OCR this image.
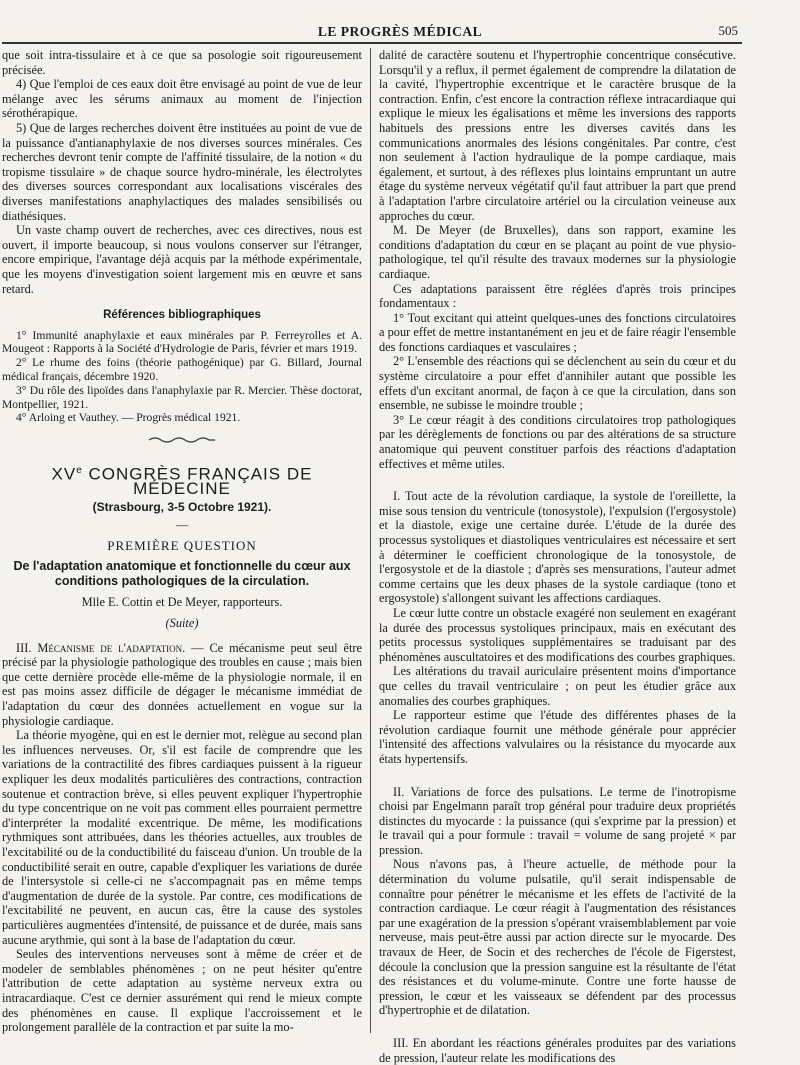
LE PROGRÈS MÉDICAL	505

que soit intra-tissulaire et à ce que sa posologie soit rigoureusement précisée.

4) Que l'emploi de ces eaux doit être envisagé au point de vue de leur mélange avec les sérums animaux au moment de l'injection sérothérapique.

5) Que de larges recherches doivent être instituées au point de vue de la puissance d'antianaphylaxie de nos diverses sources minérales. Ces recherches devront tenir compte de l'affinité tissulaire, de la notion « du tropisme tissulaire » de chaque source hydro-minérale, les électrolytes des diverses sources correspondant aux localisations viscérales des diverses manifestations anaphylactiques des malades sensibilisés ou diathésiques.

Un vaste champ ouvert de recherches, avec ces directives, nous est ouvert, il importe beaucoup, si nous voulons conserver sur l'étranger, encore empirique, l'avantage déjà acquis par la méthode expérimentale, que les moyens d'investigation soient largement mis en œuvre et sans retard.

Références bibliographiques

1° Immunité anaphylaxie et eaux minérales par P. Ferreyrolles et A. Mougeot : Rapports à la Société d'Hydrologie de Paris, février et mars 1919.

2° Le rhume des foins (théorie pathogénique) par G. Billard, Journal médical français, décembre 1920.

3° Du rôle des lipoïdes dans l'anaphylaxie par R. Mercier. Thèse doctorat, Montpellier, 1921.

4° Arloing et Vauthey. — Progrès médical 1921.

XVe CONGRÈS FRANÇAIS DE MÉDECINE
(Strasbourg, 3-5 Octobre 1921).
—
PREMIÈRE QUESTION
De l'adaptation anatomique et fonctionnelle du cœur aux conditions pathologiques de la circulation.
Mlle E. Cottin et De Meyer, rapporteurs.
(Suite)

III. Mécanisme de l'adaptation. — Ce mécanisme peut seul être précisé par la physiologie pathologique des troubles en cause ; mais bien que cette dernière procède elle-même de la physiologie normale, il en est pas moins assez difficile de dégager le mécanisme immédiat de l'adaptation du cœur des données actuellement en vogue sur la physiologie cardiaque.

La théorie myogène, qui en est le dernier mot, relègue au second plan les influences nerveuses. Or, s'il est facile de comprendre que les variations de la contractilité des fibres cardiaques puissent à la rigueur expliquer les deux modalités particulières des contractions, contraction soutenue et contraction brève, si elles peuvent expliquer l'hypertrophie du type concentrique on ne voit pas comment elles pourraient permettre d'interpréter la modalité excentrique. De même, les modifications rythmiques sont attribuées, dans les théories actuelles, aux troubles de l'excitabilité ou de la conductibilité du faisceau d'union. Un trouble de la conductibilité serait en outre, capable d'expliquer les variations de durée de l'intersystole si celle-ci ne s'accompagnait pas en même temps d'augmentation de durée de la systole. Par contre, ces modifications de l'excitabilité ne peuvent, en aucun cas, être la cause des systoles particulières augmentées d'intensité, de puissance et de durée, mais sans aucune arythmie, qui sont à la base de l'adaptation du cœur.

Seules des interventions nerveuses sont à même de créer et de modeler de semblables phénomènes ; on ne peut hésiter qu'entre l'attribution de cette adaptation au système nerveux extra ou intracardiaque. C'est ce dernier assurément qui rend le mieux compte des phénomènes en cause. Il explique l'accroissement et le prolongement parallèle de la contraction et par suite la mo-

dalité de caractère soutenu et l'hypertrophie concentrique consécutive. Lorsqu'il y a reflux, il permet également de comprendre la dilatation de la cavité, l'hypertrophie excentrique et le caractère brusque de la contraction. Enfin, c'est encore la contraction réflexe intracardiaque qui explique le mieux les égalisations et même les inversions des rapports habituels des pressions entre les diverses cavités dans les communications anormales des lésions congénitales. Par contre, c'est non seulement à l'action hydraulique de la pompe cardiaque, mais également, et surtout, à des réflexes plus lointains empruntant un autre étage du système nerveux végétatif qu'il faut attribuer la part que prend à l'adaptation l'arbre circulatoire artériel ou la circulation veineuse aux approches du cœur.

M. De Meyer (de Bruxelles), dans son rapport, examine les conditions d'adaptation du cœur en se plaçant au point de vue physio-pathologique, tel qu'il résulte des travaux modernes sur la physiologie cardiaque.

Ces adaptations paraissent être réglées d'après trois principes fondamentaux :

1° Tout excitant qui atteint quelques-unes des fonctions circulatoires a pour effet de mettre instantanément en jeu et de faire réagir l'ensemble des fonctions cardiaques et vasculaires ;

2° L'ensemble des réactions qui se déclenchent au sein du cœur et du système circulatoire a pour effet d'annihiler autant que possible les effets d'un excitant anormal, de façon à ce que la circulation, dans son ensemble, ne subisse le moindre trouble ;

3° Le cœur réagit à des conditions circulatoires trop pathologiques par les dérèglements de fonctions ou par des altérations de sa structure anatomique qui peuvent constituer parfois des réactions d'adaptation effectives et même utiles.

I. Tout acte de la révolution cardiaque, la systole de l'oreillette, la mise sous tension du ventricule (tonosystole), l'expulsion (l'ergosystole) et la diastole, exige une certaine durée. L'étude de la durée des processus systoliques et diastoliques ventriculaires est nécessaire et sert à déterminer le coefficient chronologique de la tonosystole, de l'ergosystole et de la diastole ; d'après ses mensurations, l'auteur admet comme certains que les deux phases de la systole cardiaque (tono et ergosystole) s'allongent suivant les affections cardiaques.

Le cœur lutte contre un obstacle exagéré non seulement en exagérant la durée des processus systoliques principaux, mais en exécutant des petits processus systoliques supplémentaires se traduisant par des phénomènes auscultatoires et des modifications des courbes graphiques.

Les altérations du travail auriculaire présentent moins d'importance que celles du travail ventriculaire ; on peut les étudier grâce aux anomalies des courbes graphiques.

Le rapporteur estime que l'étude des différentes phases de la révolution cardiaque fournit une méthode générale pour apprécier l'intensité des affections valvulaires ou la résistance du myocarde aux états hypertensifs.

II. Variations de force des pulsations. Le terme de l'inotropisme choisi par Engelmann paraît trop général pour traduire deux propriétés distinctes du myocarde : la puissance (qui s'exprime par la pression) et le travail qui a pour formule : travail = volume de sang projeté × par pression.

Nous n'avons pas, à l'heure actuelle, de méthode pour la détermination du volume pulsatile, qu'il serait indispensable de connaître pour pénétrer le mécanisme et les effets de l'activité de la contraction cardiaque. Le cœur réagit à l'augmentation des résistances par une exagération de la pression s'opérant vraisemblablement par voie nerveuse, mais peut-être aussi par action directe sur le myocarde. Des travaux de Heer, de Socin et des recherches de l'école de Figerstest, découle la conclusion que la pression sanguine est la résultante de l'état des résistances et du volume-minute. Contre une forte hausse de pression, le cœur et les vaisseaux se défendent par des processus d'hypertrophie et de dilatation.

III. En abordant les réactions générales produites par des variations de pression, l'auteur relate les modifications des
